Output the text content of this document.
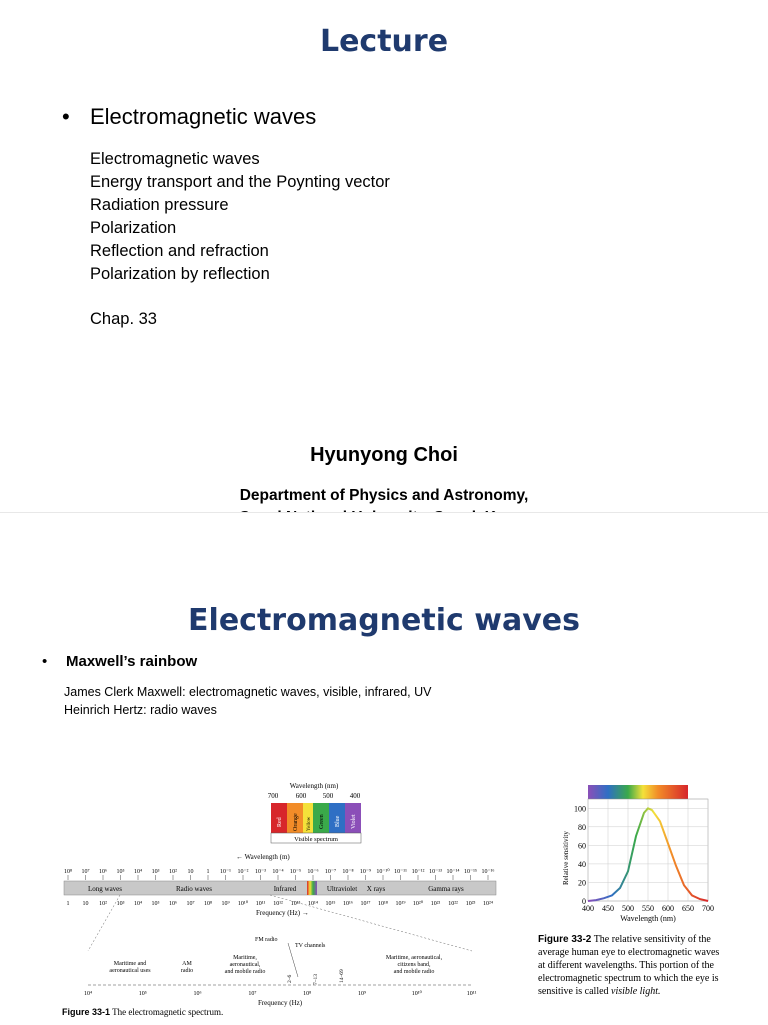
Lecture
• Electromagnetic waves
Electromagnetic waves
Energy transport and the Poynting vector
Radiation pressure
Polarization
Reflection and refraction
Polarization by reflection
Chap. 33
Hyunyong Choi
Department of Physics and Astronomy,
Electromagnetic waves
• Maxwell’s rainbow
James Clerk Maxwell: electromagnetic waves, visible, infrared, UV
Heinrich Hertz: radio waves
Wavelength (nm)
700	600 500 400
Red Orange Yellow Green Blue Violet
Visible spectrum
← Wavelength (m)
10⁸ 10⁷ 10⁶ 10⁵ 10⁴ 10³ 10² 10 1 10⁻¹ 10⁻² 10⁻³ 10⁻⁴ 10⁻⁵ 10⁻⁶ 10⁻⁷ 10⁻⁸ 10⁻⁹ 10⁻¹⁰ 10⁻¹¹ 10⁻¹² 10⁻¹³ 10⁻¹⁴ 10⁻¹⁵ 10⁻¹⁶
Long waves	Radio waves	Infrared	Ultraviolet X rays	Gamma rays
1 10 10² 10³ 10⁴ 10⁵ 10⁶ 10⁷ 10⁸ 10⁹ 10¹⁰ 10¹¹ 10¹² 10¹³ 10¹⁴ 10¹⁵ 10¹⁶ 10¹⁷ 10¹⁸ 10¹⁹ 10²⁰ 10²¹ 10²² 10²³ 10²⁴
Frequency (Hz) →
FM radio
TV channels
Maritime and aeronautical uses
AM radio
Maritime, aeronautical, and mobile radio
2–6	7–13	14–69
Maritime, aeronautical, citizens band, and mobile radio
10⁴	10⁵	10⁶	10⁷	10⁸	10⁹	10¹⁰	10¹¹
Frequency (Hz)
Figure 33-1 The electromagnetic spectrum.
0
20
40
60
80
100
400 450 500 550 600 650 700
Relative sensitivity
Wavelength (nm)
Figure 33-2 The relative sensitivity of the average human eye to electromagnetic waves at different wavelengths. This portion of the electromagnetic spectrum to which the eye is sensitive is called visible light.
